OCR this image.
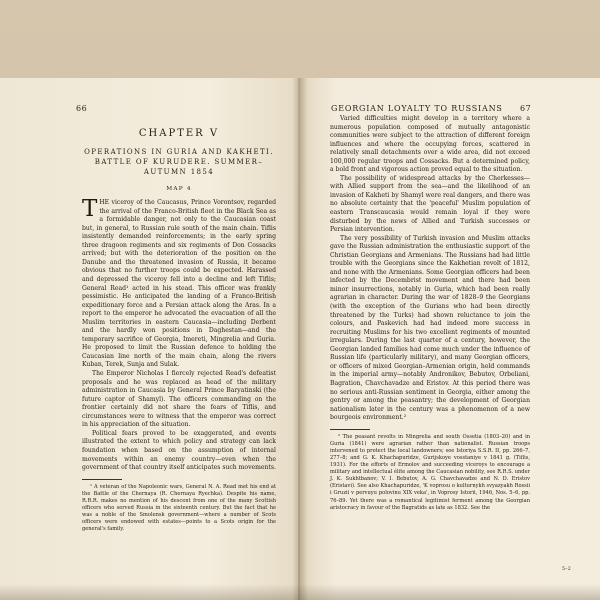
66	GEORGIAN LOYALTY TO RUSSIANS 67
CHAPTER V
OPERATIONS IN GURIA AND KAKHETI. BATTLE OF KURUDERE. SUMMER–AUTUMN 1854
MAP 4

THE viceroy of the Caucasus, Prince Vorontsov, regarded the arrival of the Franco-British fleet in the Black Sea as a formidable danger, not only to the Caucasian coast but, in general, to Russian rule south of the main chain. Tiflis insistently demanded reinforcements; in the early spring three dragoon regiments and six regiments of Don Cossacks arrived; but with the deterioration of the position on the Danube and the threatened invasion of Russia, it became obvious that no further troops could be expected. Harassed and depressed the viceroy fell into a decline and left Tiflis; General Read¹ acted in his stead. This officer was frankly pessimistic. He anticipated the landing of a Franco-British expeditionary force and a Persian attack along the Aras. In a report to the emperor he advocated the evacuation of all the Muslim territories in eastern Caucasia—including Derbent and the hardly won positions in Daghestan—and the temporary sacrifice of Georgia, Imereti, Mingrelia and Guria. He proposed to limit the Russian defence to holding the Caucasian line north of the main chain, along the rivers Kuban, Terek, Sunja and Sulak.

The Emperor Nicholas I fiercely rejected Read's defeatist proposals and he was replaced as head of the military administration in Caucasia by General Prince Baryatinski (the future captor of Shamyl). The officers commanding on the frontier certainly did not share the fears of Tiflis, and circumstances were to witness that the emperor was correct in his appreciation of the situation.

Political fears proved to be exaggerated, and events illustrated the extent to which policy and strategy can lack foundation when based on the assumption of internal movements within an enemy country—even when the government of that country itself anticipates such movements.

¹ A veteran of the Napoleonic wars, General N. A. Read met his end at the Battle of the Chernaya (R. Chernaya Ryechka). Despite his name, R.R.R. makes no mention of his descent from one of the many Scottish officers who served Russia in the sixteenth century. But the fact that he was a noble of the Smolensk government—where a number of Scots officers were endowed with estates—points to a Scots origin for the general's family.

Varied difficulties might develop in a territory where a numerous population composed of mutually antagonistic communities were subject to the attraction of different foreign influences and where the occupying forces, scattered in relatively small detachments over a wide area, did not exceed 100,000 regular troops and Cossacks. But a determined policy, a bold front and vigorous action proved equal to the situation.

The possibility of widespread attacks by the Cherkesses—with Allied support from the sea—and the likelihood of an invasion of Kakheti by Shamyl were real dangers, and there was no absolute certainty that the 'peaceful' Muslim population of eastern Transcaucasia would remain loyal if they were disturbed by the news of Allied and Turkish successes or Persian intervention.

The very possibility of Turkish invasion and Muslim attacks gave the Russian administration the enthusiastic support of the Christian Georgians and Armenians. The Russians had had little trouble with the Georgians since the Kakhetian revolt of 1812, and none with the Armenians. Some Georgian officers had been infected by the Decembrist movement and there had been minor insurrections, notably in Guria, which had been really agrarian in character. During the war of 1828–9 the Georgians (with the exception of the Gurians who had been directly threatened by the Turks) had shown reluctance to join the colours, and Paskevich had had indeed more success in recruiting Muslims for his two excellent regiments of mounted irregulars. During the last quarter of a century, however, the Georgian landed families had come much under the influence of Russian life (particularly military), and many Georgian officers, or officers of mixed Georgian–Armenian origin, held commands in the imperial army—notably Andronikov, Bebutov, Orbeliani, Bagration, Chavchavadze and Eristov. At this period there was no serious anti-Russian sentiment in Georgia, either among the gentry or among the peasantry; the development of Georgian nationalism later in the century was a phenomenon of a new bourgeois environment.²

² The peasant revolts in Mingrelia and south Ossetia (1803–20) and in Guria (1841) were agrarian rather than nationalist. Russian troops intervened to protect the local landowners; see Istoriya S.S.R. II, pp. 266–7, 277–8; and G. K. Khachapuridze, Gurijskoye vosstaniye v 1841 g. (Tiflis, 1931). For the efforts of Ermolov and succeeding viceroys to encourage a military and intellectual élite among the Caucasian nobility, see R.R.S. under J. K. Sukhtbanov; V. I. Bebutov, A. G. Chavchavadze and N. D. Eristov (Eristavi). See also Khachapuridze, 'K voprosu o kulturnykh svyazyakh Rossii i Gruzii v pervuyu polovinu XIX veka', in Voprosy Istorii, 1946, Nos. 5–6, pp. 76–89. Yet there was a romantical legitimist ferment among the Georgian aristocracy in favour of the Bagratids as late as 1832. See the

5–2
